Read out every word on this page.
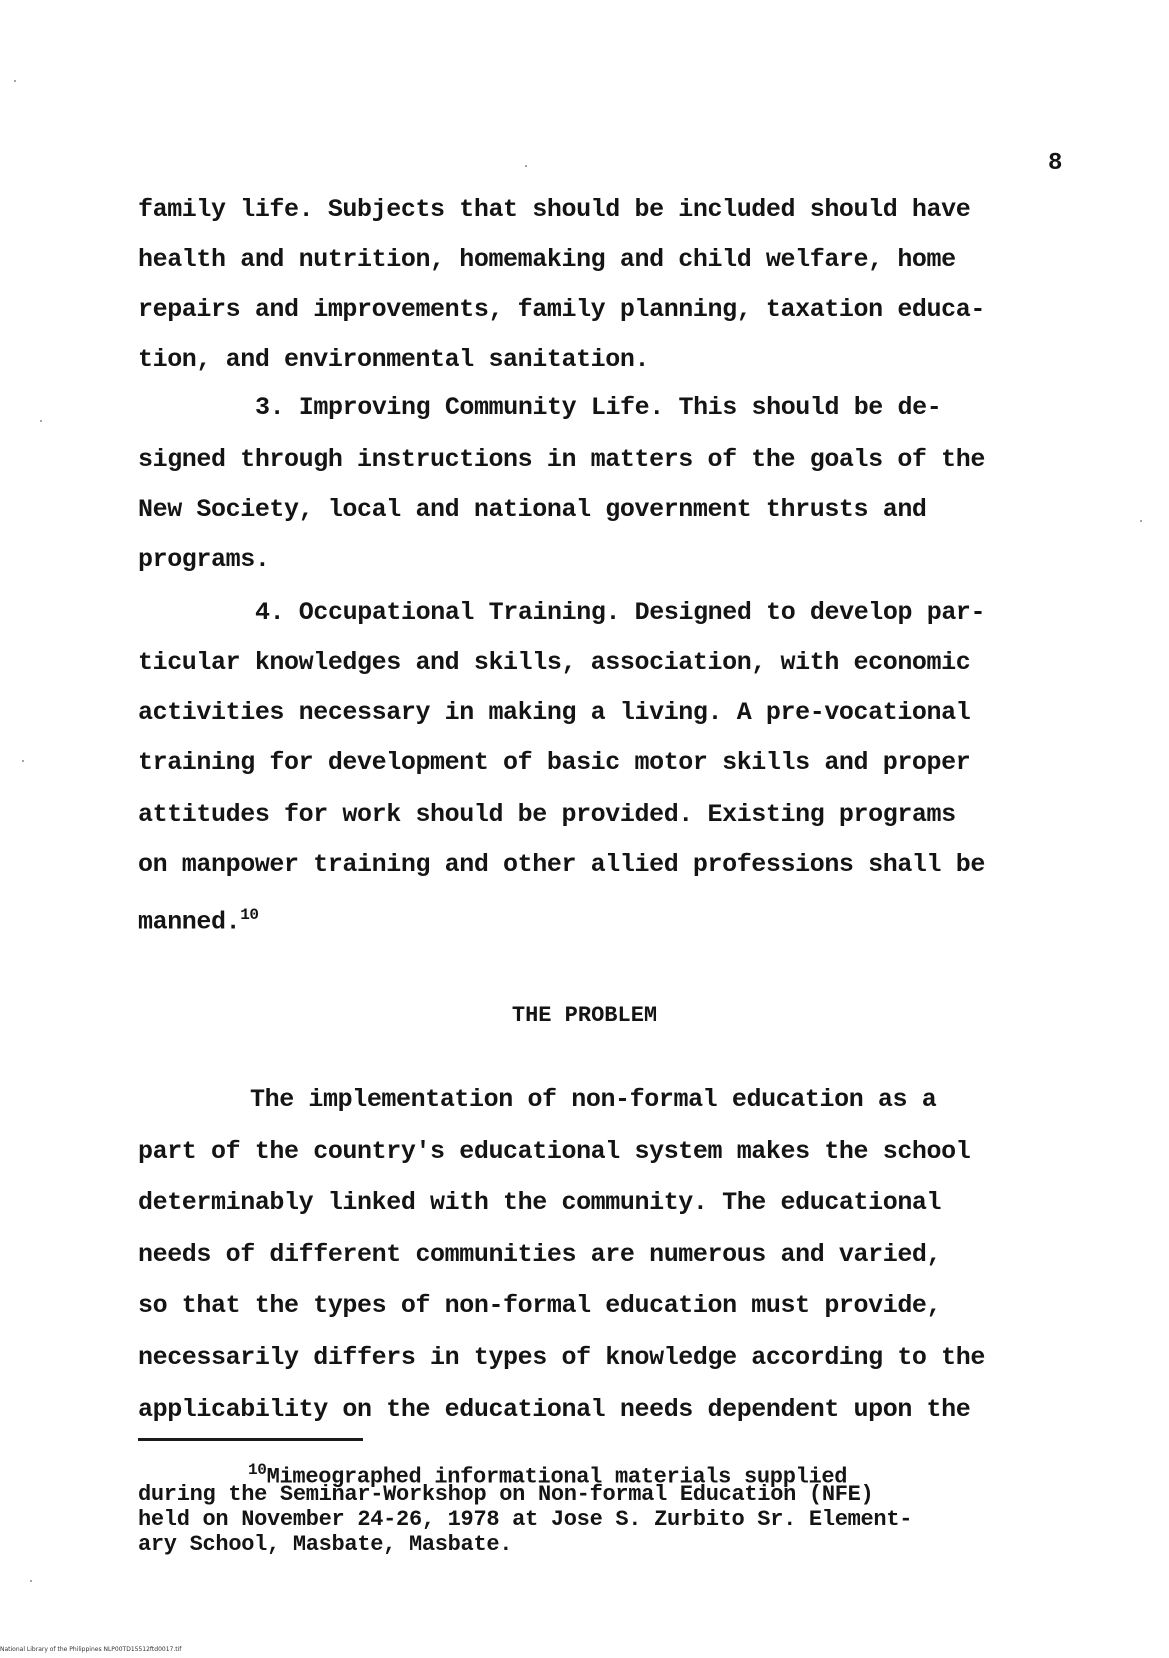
8
family life. Subjects that should be included should have
health and nutrition, homemaking and child welfare, home
repairs and improvements, family planning, taxation educa-
tion, and environmental sanitation.
3. Improving Community Life. This should be de-
signed through instructions in matters of the goals of the
New Society, local and national government thrusts and
programs.
4. Occupational Training. Designed to develop par-
ticular knowledges and skills, association, with economic
activities necessary in making a living. A pre-vocational
training for development of basic motor skills and proper
attitudes for work should be provided. Existing programs
on manpower training and other allied professions shall be
manned.$^{10}$
THE PROBLEM
The implementation of non-formal education as a
part of the country's educational system makes the school
determinably linked with the community. The educational
needs of different communities are numerous and varied,
so that the types of non-formal education must provide,
necessarily differs in types of knowledge according to the
applicability on the educational needs dependent upon the
$^{10}$Mimeographed informational materials supplied
during the Seminar-Workshop on Non-formal Education (NFE)
held on November 24-26, 1978 at Jose S. Zurbito Sr. Element-
ary School, Masbate, Masbate.
National Library of the Philippines NLP00TD15512ftd0017.tif
